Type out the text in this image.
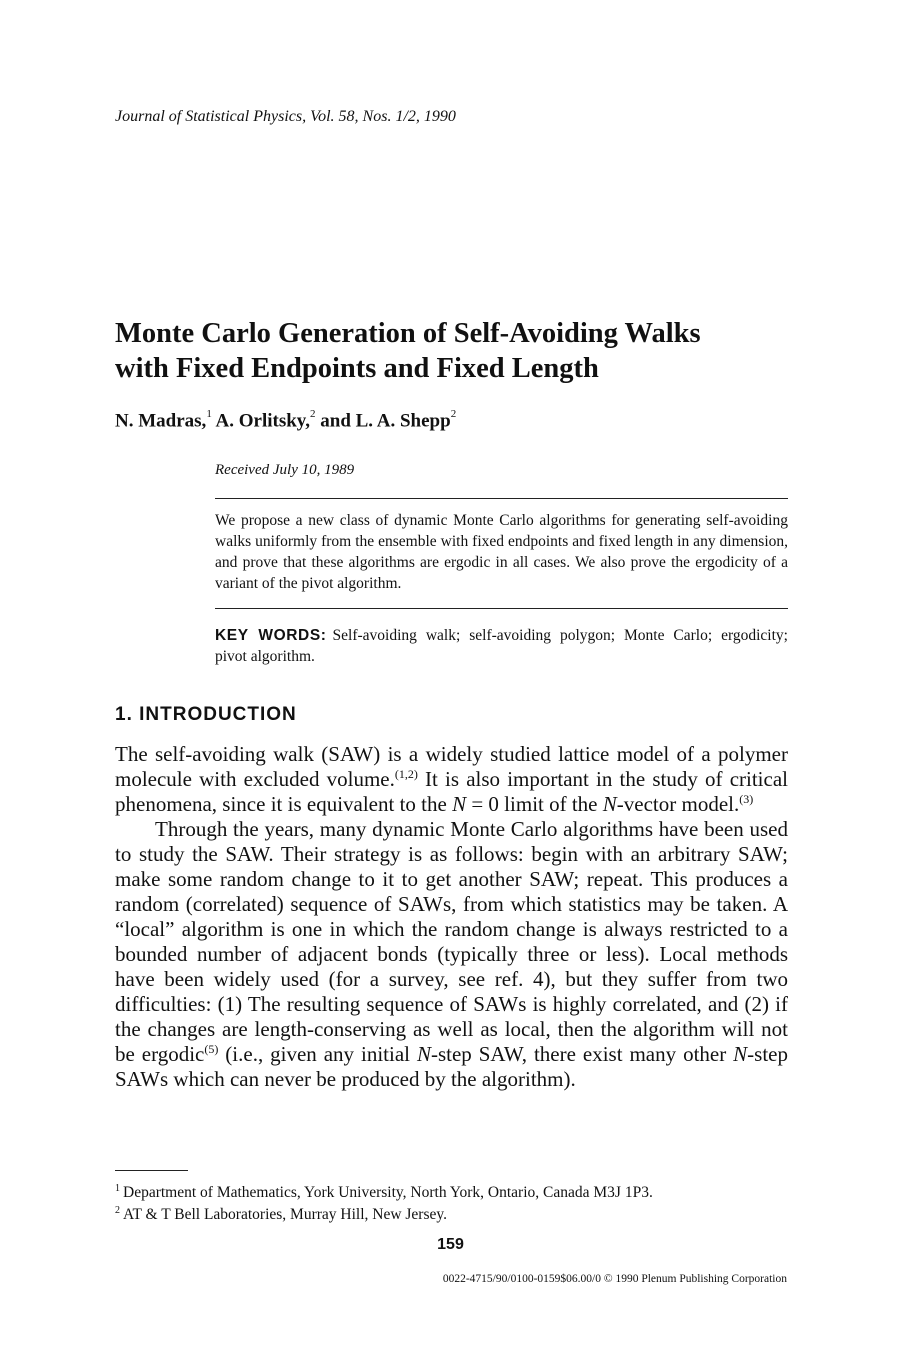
Journal of Statistical Physics, Vol. 58, Nos. 1/2, 1990
Monte Carlo Generation of Self-Avoiding Walks
with Fixed Endpoints and Fixed Length
N. Madras,$^1$ A. Orlitsky,$^2$ and L. A. Shepp$^2$
Received July 10, 1989

We propose a new class of dynamic Monte Carlo algorithms for generating self-avoiding walks uniformly from the ensemble with fixed endpoints and fixed length in any dimension, and prove that these algorithms are ergodic in all cases. We also prove the ergodicity of a variant of the pivot algorithm.

KEY WORDS: Self-avoiding walk; self-avoiding polygon; Monte Carlo; ergodicity; pivot algorithm.
1. INTRODUCTION

The self-avoiding walk (SAW) is a widely studied lattice model of a polymer molecule with excluded volume.$^{(1,2)}$ It is also important in the study of critical phenomena, since it is equivalent to the N = 0 limit of the N-vector model.$^{(3)}$

Through the years, many dynamic Monte Carlo algorithms have been used to study the SAW. Their strategy is as follows: begin with an arbitrary SAW; make some random change to it to get another SAW; repeat. This produces a random (correlated) sequence of SAWs, from which statistics may be taken. A “local” algorithm is one in which the random change is always restricted to a bounded number of adjacent bonds (typically three or less). Local methods have been widely used (for a survey, see ref. 4), but they suffer from two difficulties: (1) The resulting sequence of SAWs is highly correlated, and (2) if the changes are length-conserving as well as local, then the algorithm will not be ergodic$^{(5)}$ (i.e., given any initial N-step SAW, there exist many other N-step SAWs which can never be produced by the algorithm).

$^1$ Department of Mathematics, York University, North York, Ontario, Canada M3J 1P3.
$^2$ AT & T Bell Laboratories, Murray Hill, New Jersey.
159
0022-4715/90/0100-0159$06.00/0 © 1990 Plenum Publishing Corporation
